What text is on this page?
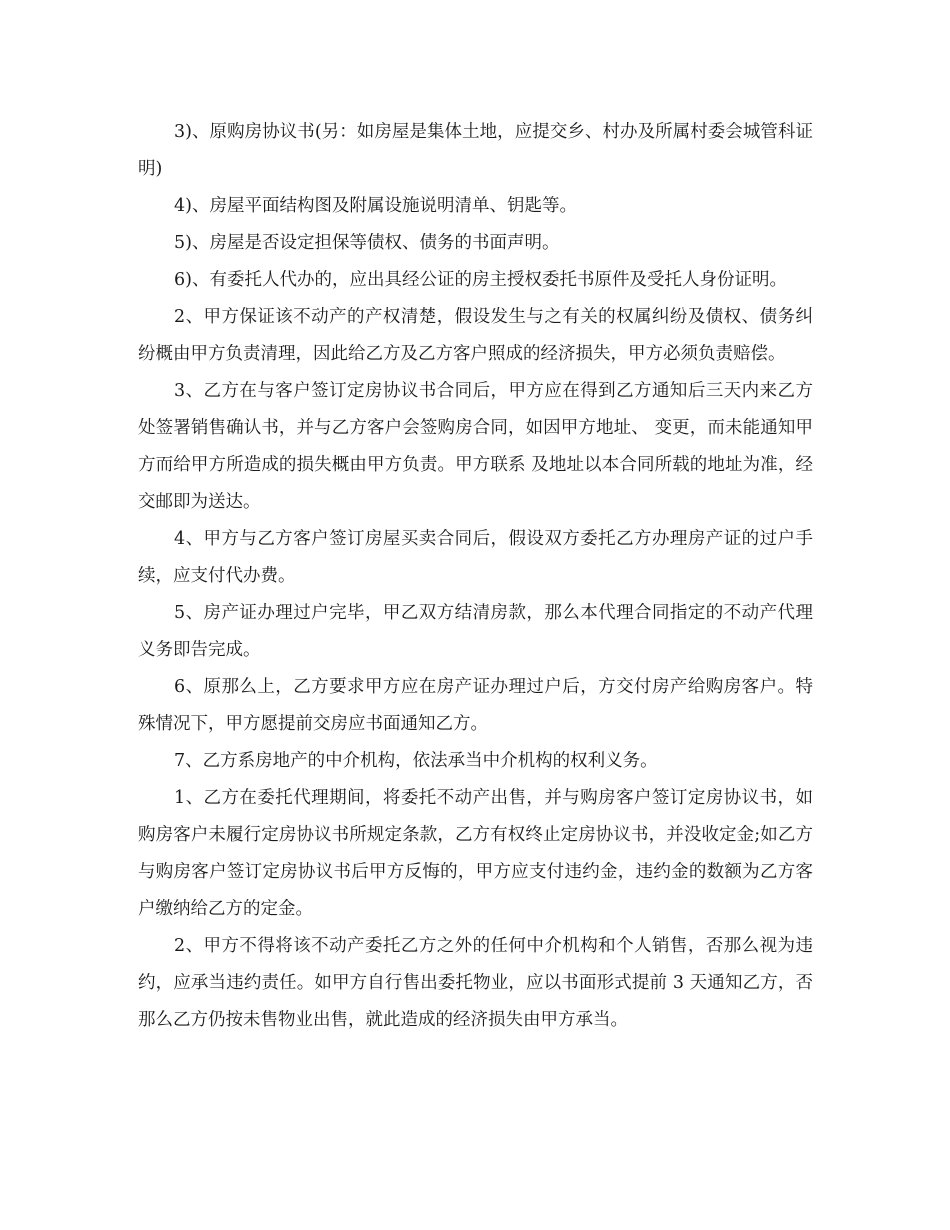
3)、原购房协议书(另：如房屋是集体土地，应提交乡、村办及所属村委会城管科证明)

4)、房屋平面结构图及附属设施说明清单、钥匙等。

5)、房屋是否设定担保等债权、债务的书面声明。

6)、有委托人代办的，应出具经公证的房主授权委托书原件及受托人身份证明。

2、甲方保证该不动产的产权清楚，假设发生与之有关的权属纠纷及债权、债务纠纷概由甲方负责清理，因此给乙方及乙方客户照成的经济损失，甲方必须负责赔偿。

3、乙方在与客户签订定房协议书合同后，甲方应在得到乙方通知后三天内来乙方处签署销售确认书，并与乙方客户会签购房合同，如因甲方地址、 变更，而未能通知甲方而给甲方所造成的损失概由甲方负责。甲方联系 及地址以本合同所载的地址为准，经交邮即为送达。

4、甲方与乙方客户签订房屋买卖合同后，假设双方委托乙方办理房产证的过户手续，应支付代办费。

5、房产证办理过户完毕，甲乙双方结清房款，那么本代理合同指定的不动产代理义务即告完成。

6、原那么上，乙方要求甲方应在房产证办理过户后，方交付房产给购房客户。特殊情况下，甲方愿提前交房应书面通知乙方。

7、乙方系房地产的中介机构，依法承当中介机构的权利义务。

1、乙方在委托代理期间，将委托不动产出售，并与购房客户签订定房协议书，如购房客户未履行定房协议书所规定条款，乙方有权终止定房协议书，并没收定金;如乙方与购房客户签订定房协议书后甲方反悔的，甲方应支付违约金，违约金的数额为乙方客户缴纳给乙方的定金。

2、甲方不得将该不动产委托乙方之外的任何中介机构和个人销售，否那么视为违约，应承当违约责任。如甲方自行售出委托物业，应以书面形式提前 3 天通知乙方，否那么乙方仍按未售物业出售，就此造成的经济损失由甲方承当。
